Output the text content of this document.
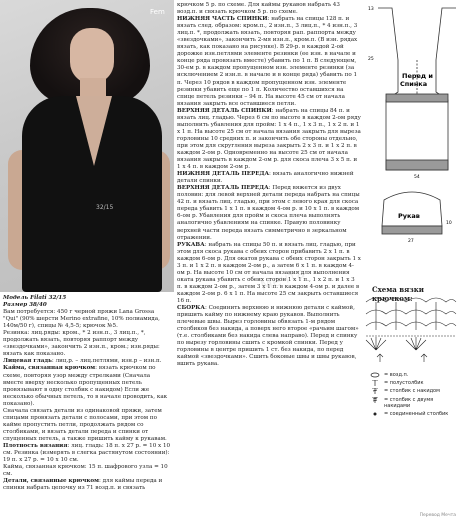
Fem
32/15

Модель Filati 32/15

Размер 38/40

Вам потребуется: 450 г черной пряжи Lana Grossa "Qui" (90% шерсти Merino extrafine, 10% полиамида, 140м/50 г), спицы № 4,5-5; крючок №5.

Резинка: лиц.ряды: кром., * 2 изн.п., 3 лиц.п., *, продолжать вязать, повторяя раппорт между «звездочками», закончить 2 изн.п., кром.; изн.ряды: вязать как показано.

Лицевая гладь: лиц.р. – лиц.петлями, изн.р – изн.п.

Кайма, связанная крючком: вязать крючком по схеме, повторяя узор между стрелками (Сначала вместе вверху несколько пропущенных петель провязывают в одну столбик с накидом) Если же несколько обычных петель, то в начале проводить, как показано).

Сначала связать детали из одинаковой пряжи, затем спицами провязать детали с полосами, при этом по кайме пропустить петли, продолжать рядом со столбиками, и вязать детали переда и спинки от спущенных петель, а также пришить кайму к рукавам.

Плотность вязания: лиц. гладь: 18 п. х 27 р. = 10 х 10 см. Резинка (измерять в слегка растянутом состоянии): 19 п. х 27 р. = 10 х 10 см.

Кайма, связанная крючком: 15 п. шафрового узла = 10 см.

Детали, связанные крючком: для каймы переда и спинки набрать цепочку из 71 возд.п. и связать

крючком 5 р. по схеме. Для каймы рукавов набрать 43 возд.п. и связать крючком 5 р. по схеме.

НИЖНЯЯ ЧАСТЬ СПИНКИ: набрать на спицы 128 п. и вязать след. образом: кром.п., 2 изн.п., 3 лиц.п., * 4 изн.п., 3 лиц.п. *, продолжать вязать, повторяя рап. раппорта между «звездочками», закончить 2-мя изн.п., кром.п. (В изн. рядах вязать, как показано на рисунке). В 29-р. в каждой 2-ой дорожке изн.петлями элементе резинки (ее изн. в начале и конце ряда провязать вместе) убавить по 1 п. В следующем, 30-ем р. в каждом пропущенном изн. элементе резинки (за исключением 2 изн.п. в начале и в конце ряда) убавить по 1 п. Через 10 рядов в каждом пропущенном изн. элементе резинки убавить еще по 1 п. Количество оставшихся на спице петель резинки – 94 п. На высоте 45 см от начала вязания закрыть все оставшиеся петли.

ВЕРХНЯЯ ДЕТАЛЬ СПИНКИ: набрать на спицы 84 п. и вязать лиц. гладью. Через 6 см по высоте в каждом 2-ом ряду выполнить убавления для пройм: 1 х 4 п., 1 х 3 п., 1 х 2 п. и 1 х 1 п. На высоте 25 см от начала вязания закрыть для выреза горловины 10 средних п. и закончить обе стороны отдельно, при этом для скругления выреза закрыть 2 х 3 п. и 1 х 2 п. в каждом 2-ом р. Одновременно на высоте 25 см от начала вязания закрыть в каждом 2-ом р. для скоса плеча 3 х 5 п. и 1 х 4 п. в каждом 2-ом р.

НИЖНЯЯ ДЕТАЛЬ ПЕРЕДА: вязать аналогично нижней детали спинки.

ВЕРХНЯЯ ДЕТАЛЬ ПЕРЕДА: Перед вяжется из двух половин: для левой верхней детали переда набрать на спицы 42 п. и вязать лиц. гладью, при этом с левого края для скоса переда убавить 1 х 1 п. в каждом 4-ом р. и 10 х 1 п. в каждом 6-ом р. Убавления для пройм и скоса плеча выполнять аналогично убавлениям на спинке. Правую половинку верхней части переда вязать симметрично в зеркальном отражении.

РУКАВА: набрать на спицы 50 п. и вязать лиц. гладью, при этом для скоса рукава с обеих сторон прибавить 2 х 1 п. в каждом 6-ом р. Для окатов рукава с обеих сторон закрыть 1 х 3 п. и 1 х 2 п. в каждом 2-ом р., а затем 6 х 1 п. в каждом 4-ом р. На высоте 10 см от начала вязания для выполнения оката рукава убавить с обеих сторон 1 х 1 п., 1 х 2 п. и 1 х 3 п. в каждом 2-ом р., затем 3 х 1 п. в каждом 4-ом р. и далее в каждом 2-ом р. 6 х 1 п. На высоте 25 см закрыть оставшиеся 16 п.

СБОРКА: Соединить верхнюю и нижнюю детали с каймой, пришить кайму по нижнему краю рукавов. Выполнить плечевые швы. Вырез горловины обвязать 1-м рядом столбиков без накида, а поверх него второе «рачьим шагом» (т.е. столбиками без накида слева направо). Перед и спинку по вырезу горловины сшить с кромкой спинки. Перед у горловины в центре пришить 1 ст. без накида, по перед каймой «звездочками». Сшить боковые швы и швы рукавов, вшить рукава.

Перед и
Спинка
13
25
54
Рукав
27
10
Схема вязки крючком:
= возд.п.
= полустолбик
= столбик с накидом
= столбик с двумя накидами
= соединенный столбик
Мечта
Перевод Мечта
